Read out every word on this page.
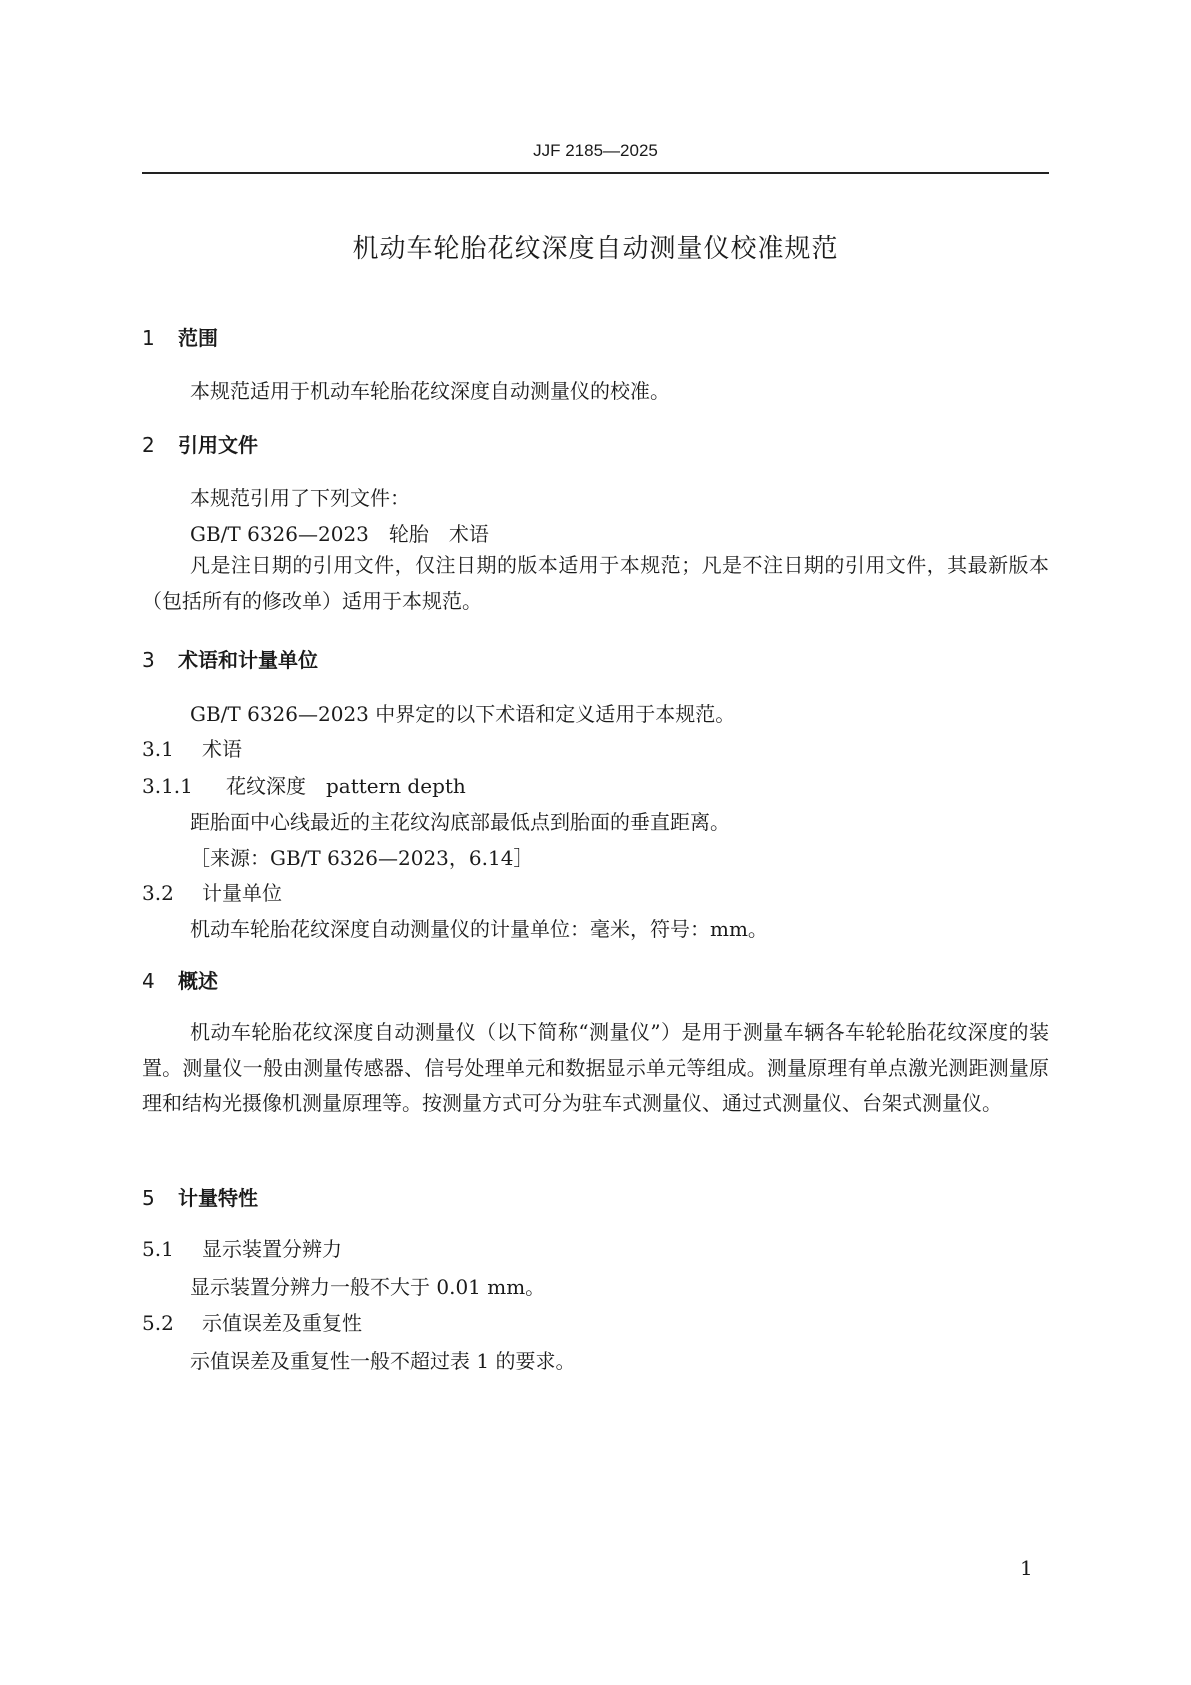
JJF 2185—2025
机动车轮胎花纹深度自动测量仪校准规范
1 范围
本规范适用于机动车轮胎花纹深度自动测量仪的校准。
2 引用文件
本规范引用了下列文件：
GB/T 6326—2023　轮胎　术语
凡是注日期的引用文件，仅注日期的版本适用于本规范；凡是不注日期的引用文件，其最新版本（包括所有的修改单）适用于本规范。
3 术语和计量单位
GB/T 6326—2023 中界定的以下术语和定义适用于本规范。
3.1 术语
3.1.1 花纹深度　pattern depth
距胎面中心线最近的主花纹沟底部最低点到胎面的垂直距离。
［来源：GB/T 6326—2023，6.14］
3.2 计量单位
机动车轮胎花纹深度自动测量仪的计量单位：毫米，符号：mm。
4 概述
机动车轮胎花纹深度自动测量仪（以下简称“测量仪”）是用于测量车辆各车轮轮胎花纹深度的装置。测量仪一般由测量传感器、信号处理单元和数据显示单元等组成。测量原理有单点激光测距测量原理和结构光摄像机测量原理等。按测量方式可分为驻车式测量仪、通过式测量仪、台架式测量仪。
5 计量特性
5.1 显示装置分辨力
显示装置分辨力一般不大于 0.01 mm。
5.2 示值误差及重复性
示值误差及重复性一般不超过表 1 的要求。
1
